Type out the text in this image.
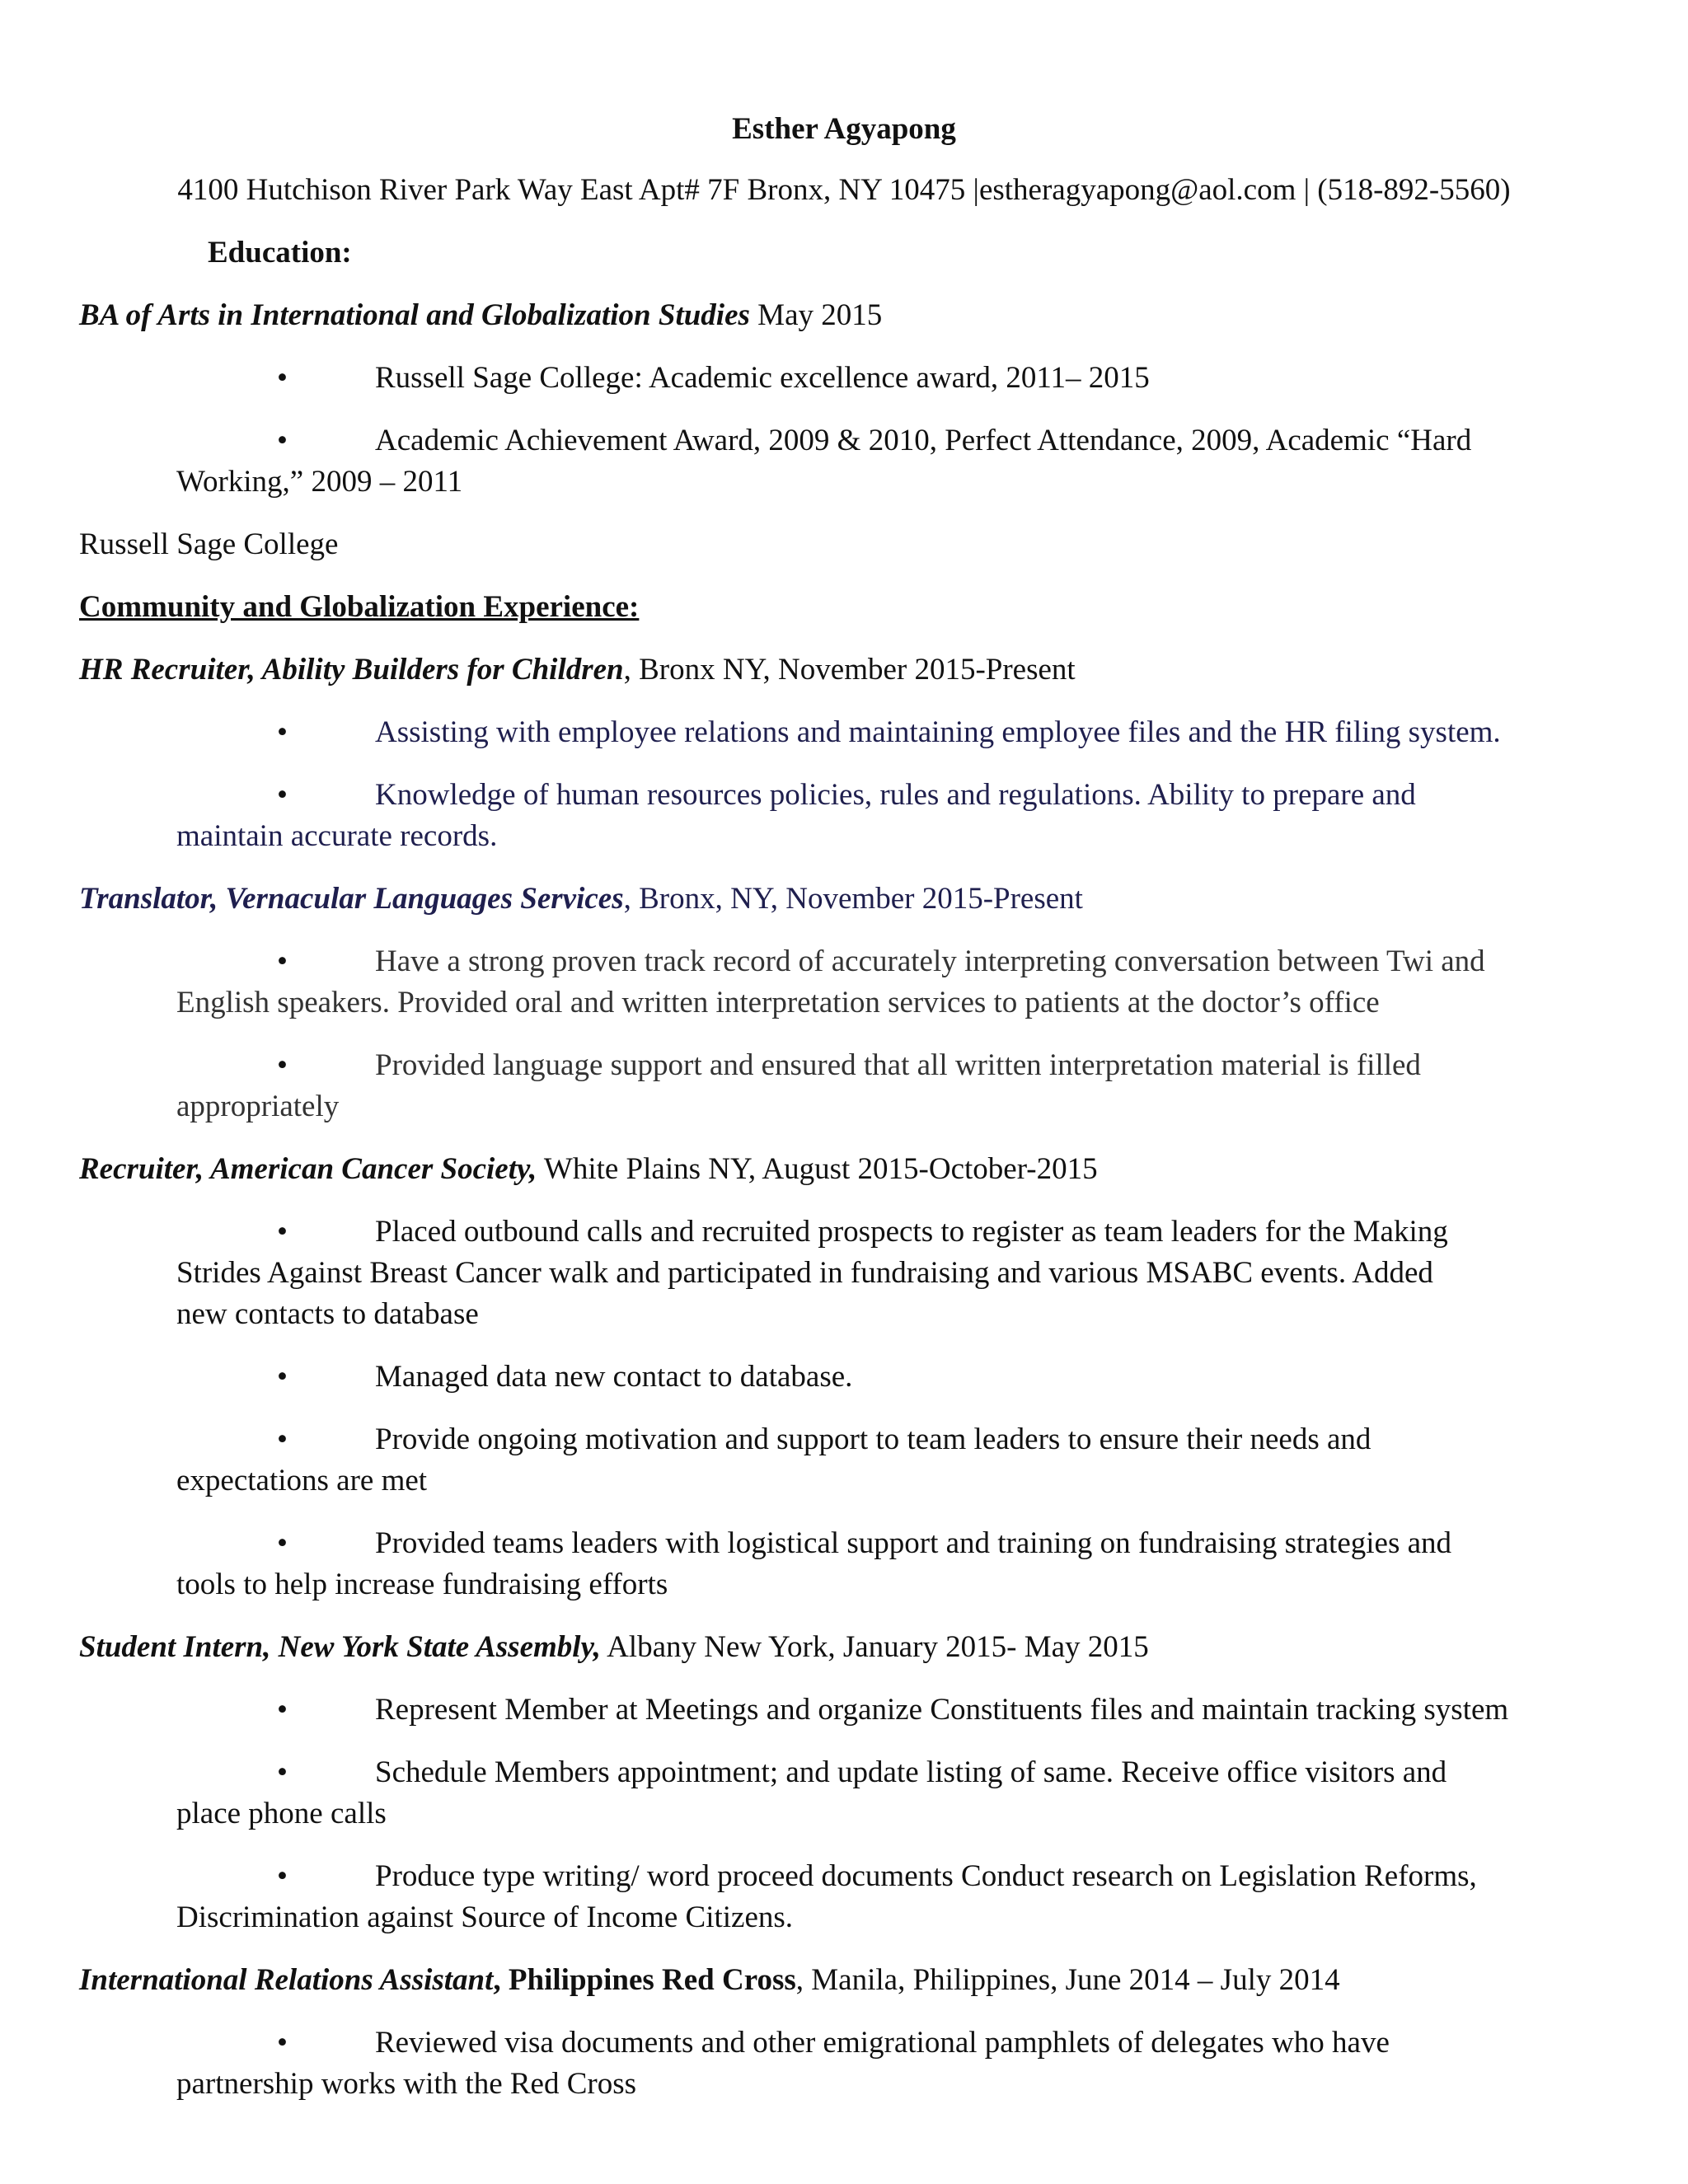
Esther Agyapong
4100 Hutchison River Park Way East Apt# 7F Bronx, NY 10475 |estheragyapong@aol.com | (518-892-5560)
Education:
BA of Arts in International and Globalization Studies May 2015
•	Russell Sage College: Academic excellence award, 2011– 2015
•	Academic Achievement Award, 2009 & 2010, Perfect Attendance, 2009, Academic “Hard
Working,” 2009 – 2011
Russell Sage College
Community and Globalization Experience:
HR Recruiter, Ability Builders for Children, Bronx NY, November 2015-Present
•	Assisting with employee relations and maintaining employee files and the HR filing system.
•	Knowledge of human resources policies, rules and regulations. Ability to prepare and
maintain accurate records.
Translator, Vernacular Languages Services, Bronx, NY, November 2015-Present
•	Have a strong proven track record of accurately interpreting conversation between Twi and
English speakers. Provided oral and written interpretation services to patients at the doctor’s office
•	Provided language support and ensured that all written interpretation material is filled
appropriately
Recruiter, American Cancer Society, White Plains NY, August 2015-October-2015
•	Placed outbound calls and recruited prospects to register as team leaders for the Making
Strides Against Breast Cancer walk and participated in fundraising and various MSABC events. Added
new contacts to database
•	Managed data new contact to database.
•	Provide ongoing motivation and support to team leaders to ensure their needs and
expectations are met
•	Provided teams leaders with logistical support and training on fundraising strategies and
tools to help increase fundraising efforts
Student Intern, New York State Assembly, Albany New York, January 2015- May 2015
•	Represent Member at Meetings and organize Constituents files and maintain tracking system
•	Schedule Members appointment; and update listing of same. Receive office visitors and
place phone calls
•	Produce type writing/ word proceed documents Conduct research on Legislation Reforms,
Discrimination against Source of Income Citizens.
International Relations Assistant, Philippines Red Cross, Manila, Philippines, June 2014 – July 2014
•	Reviewed visa documents and other emigrational pamphlets of delegates who have
partnership works with the Red Cross
